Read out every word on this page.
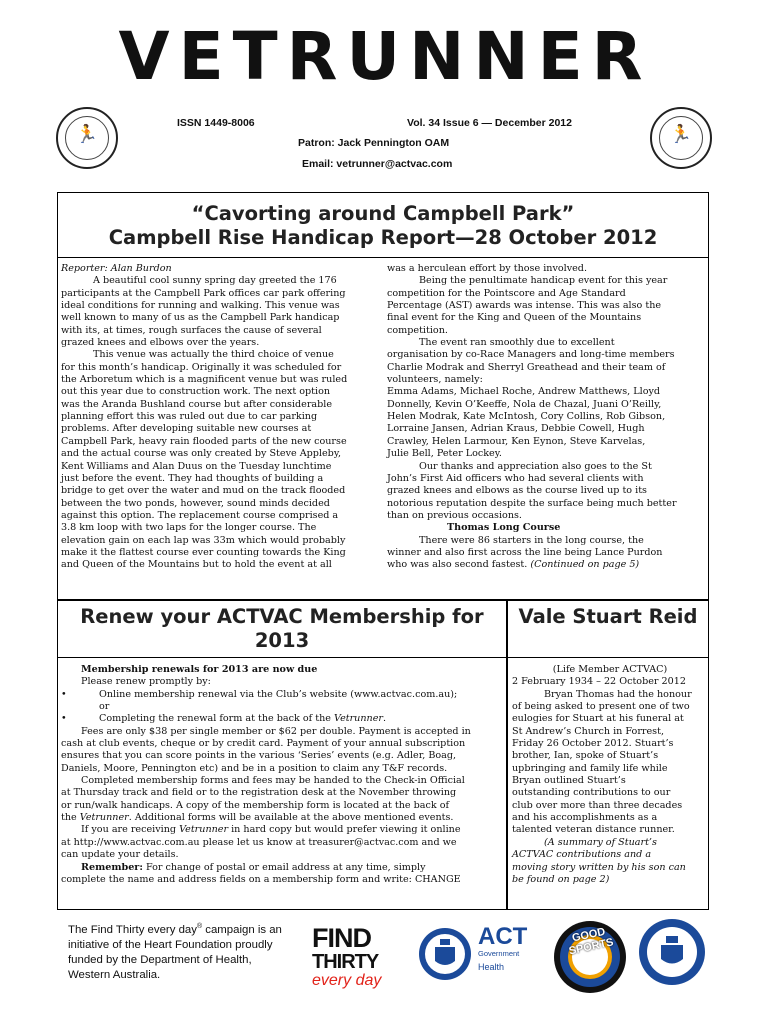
VETRUNNER
🏃	🏃
ISSN 1449-8006	Vol. 34 Issue 6 — December 2012
Patron: Jack Pennington OAM
Email: vetrunner@actvac.com
“Cavorting around Campbell Park”
Campbell Rise Handicap Report—28 October 2012
Reporter: Alan Burdon
A beautiful cool sunny spring day greeted the 176
participants at the Campbell Park offices car park offering
ideal conditions for running and walking. This venue was
well known to many of us as the Campbell Park handicap
with its, at times, rough surfaces the cause of several
grazed knees and elbows over the years.
This venue was actually the third choice of venue
for this month’s handicap. Originally it was scheduled for
the Arboretum which is a magnificent venue but was ruled
out this year due to construction work. The next option
was the Aranda Bushland course but after considerable
planning effort this was ruled out due to car parking
problems. After developing suitable new courses at
Campbell Park, heavy rain flooded parts of the new course
and the actual course was only created by Steve Appleby,
Kent Williams and Alan Duus on the Tuesday lunchtime
just before the event. They had thoughts of building a
bridge to get over the water and mud on the track flooded
between the two ponds, however, sound minds decided
against this option. The replacement course comprised a
3.8 km loop with two laps for the longer course. The
elevation gain on each lap was 33m which would probably
make it the flattest course ever counting towards the King
and Queen of the Mountains but to hold the event at all
was a herculean effort by those involved.
Being the penultimate handicap event for this year
competition for the Pointscore and Age Standard
Percentage (AST) awards was intense. This was also the
final event for the King and Queen of the Mountains
competition.
The event ran smoothly due to excellent
organisation by co-Race Managers and long-time members
Charlie Modrak and Sherryl Greathead and their team of
volunteers, namely:
Emma Adams, Michael Roche, Andrew Matthews, Lloyd
Donnelly, Kevin O’Keeffe, Nola de Chazal, Juani O’Reilly,
Helen Modrak, Kate McIntosh, Cory Collins, Rob Gibson,
Lorraine Jansen, Adrian Kraus, Debbie Cowell, Hugh
Crawley, Helen Larmour, Ken Eynon, Steve Karvelas,
Julie Bell, Peter Lockey.
Our thanks and appreciation also goes to the St
John’s First Aid officers who had several clients with
grazed knees and elbows as the course lived up to its
notorious reputation despite the surface being much better
than on previous occasions.
Thomas Long Course
There were 86 starters in the long course, the
winner and also first across the line being Lance Purdon
who was also second fastest. (Continued on page 5)
Renew your ACTVAC Membership for
2013
Membership renewals for 2013 are now due
Please renew promptly by:
•	Online membership renewal via the Club’s website (www.actvac.com.au);
or
•	Completing the renewal form at the back of the Vetrunner.
Fees are only $38 per single member or $62 per double. Payment is accepted in
cash at club events, cheque or by credit card. Payment of your annual subscription
ensures that you can score points in the various ‘Series’ events (e.g. Adler, Boag,
Daniels, Moore, Pennington etc) and be in a position to claim any T&F records.
Completed membership forms and fees may be handed to the Check-in Official
at Thursday track and field or to the registration desk at the November throwing
or run/walk handicaps. A copy of the membership form is located at the back of
the Vetrunner. Additional forms will be available at the above mentioned events.
If you are receiving Vetrunner in hard copy but would prefer viewing it online
at http://www.actvac.com.au please let us know at treasurer@actvac.com and we
can update your details.
Remember: For change of postal or email address at any time, simply
complete the name and address fields on a membership form and write: CHANGE
Vale Stuart Reid
(Life Member ACTVAC)
2 February 1934 – 22 October 2012
Bryan Thomas had the honour
of being asked to present one of two
eulogies for Stuart at his funeral at
St Andrew’s Church in Forrest,
Friday 26 October 2012. Stuart’s
brother, Ian, spoke of Stuart’s
upbringing and family life while
Bryan outlined Stuart’s
outstanding contributions to our
club over more than three decades
and his accomplishments as a
talented veteran distance runner.
(A summary of Stuart’s
ACTVAC contributions and a
moving story written by his son can
be found on page 2)
The Find Thirty every day® campaign is an
initiative of the Heart Foundation proudly
funded by the Department of Health,
Western Australia.
FIND
THIRTY
every day
ACT
Government
Health
GOOD SPORTS
